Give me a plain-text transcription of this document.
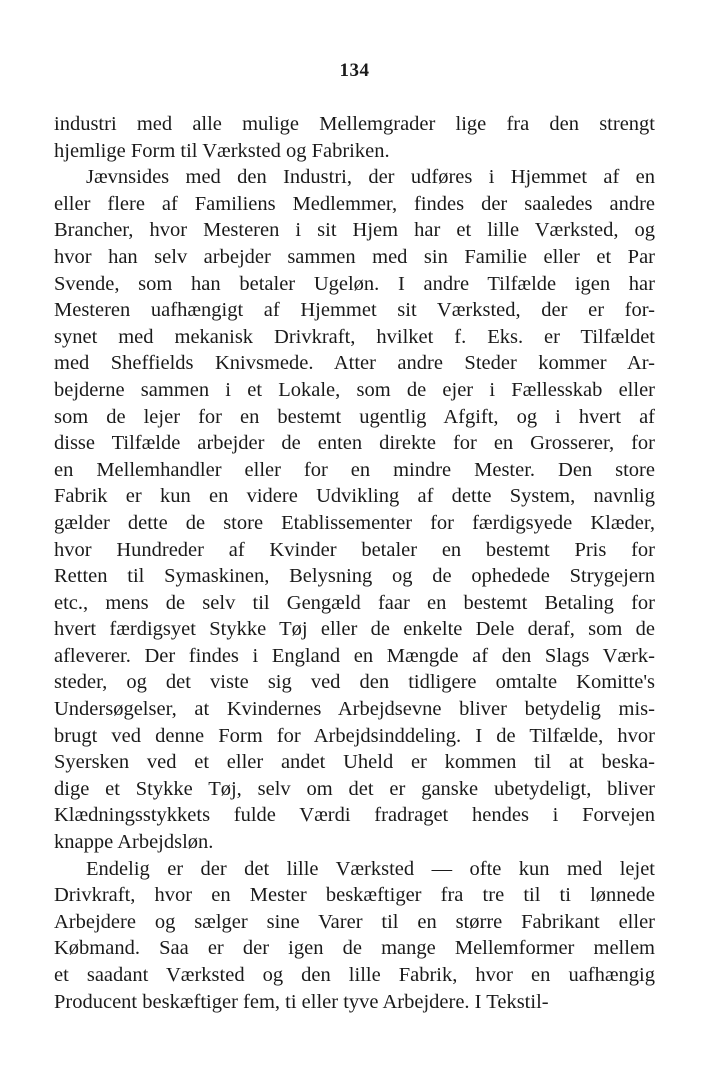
134

industri med alle mulige Mellemgrader lige fra den strengt
hjemlige Form til Værksted og Fabriken.

Jævnsides med den Industri, der udføres i Hjemmet af en
eller flere af Familiens Medlemmer, findes der saaledes andre
Brancher, hvor Mesteren i sit Hjem har et lille Værksted, og
hvor han selv arbejder sammen med sin Familie eller et Par
Svende, som han betaler Ugeløn. I andre Tilfælde igen har
Mesteren uafhængigt af Hjemmet sit Værksted, der er for-
synet med mekanisk Drivkraft, hvilket f. Eks. er Tilfældet
med Sheffields Knivsmede. Atter andre Steder kommer Ar-
bejderne sammen i et Lokale, som de ejer i Fællesskab eller
som de lejer for en bestemt ugentlig Afgift, og i hvert af
disse Tilfælde arbejder de enten direkte for en Grosserer, for
en Mellemhandler eller for en mindre Mester. Den store
Fabrik er kun en videre Udvikling af dette System, navnlig
gælder dette de store Etablissementer for færdigsyede Klæder,
hvor Hundreder af Kvinder betaler en bestemt Pris for
Retten til Symaskinen, Belysning og de ophedede Strygejern
etc., mens de selv til Gengæld faar en bestemt Betaling for
hvert færdigsyet Stykke Tøj eller de enkelte Dele deraf, som de
afleverer. Der findes i England en Mængde af den Slags Værk-
steder, og det viste sig ved den tidligere omtalte Komitte's
Undersøgelser, at Kvindernes Arbejdsevne bliver betydelig mis-
brugt ved denne Form for Arbejdsinddeling. I de Tilfælde, hvor
Syersken ved et eller andet Uheld er kommen til at beska-
dige et Stykke Tøj, selv om det er ganske ubetydeligt, bliver
Klædningsstykkets fulde Værdi fradraget hendes i Forvejen
knappe Arbejdsløn.

Endelig er der det lille Værksted — ofte kun med lejet
Drivkraft, hvor en Mester beskæftiger fra tre til ti lønnede
Arbejdere og sælger sine Varer til en større Fabrikant eller
Købmand. Saa er der igen de mange Mellemformer mellem
et saadant Værksted og den lille Fabrik, hvor en uafhængig
Producent beskæftiger fem, ti eller tyve Arbejdere. I Tekstil-
